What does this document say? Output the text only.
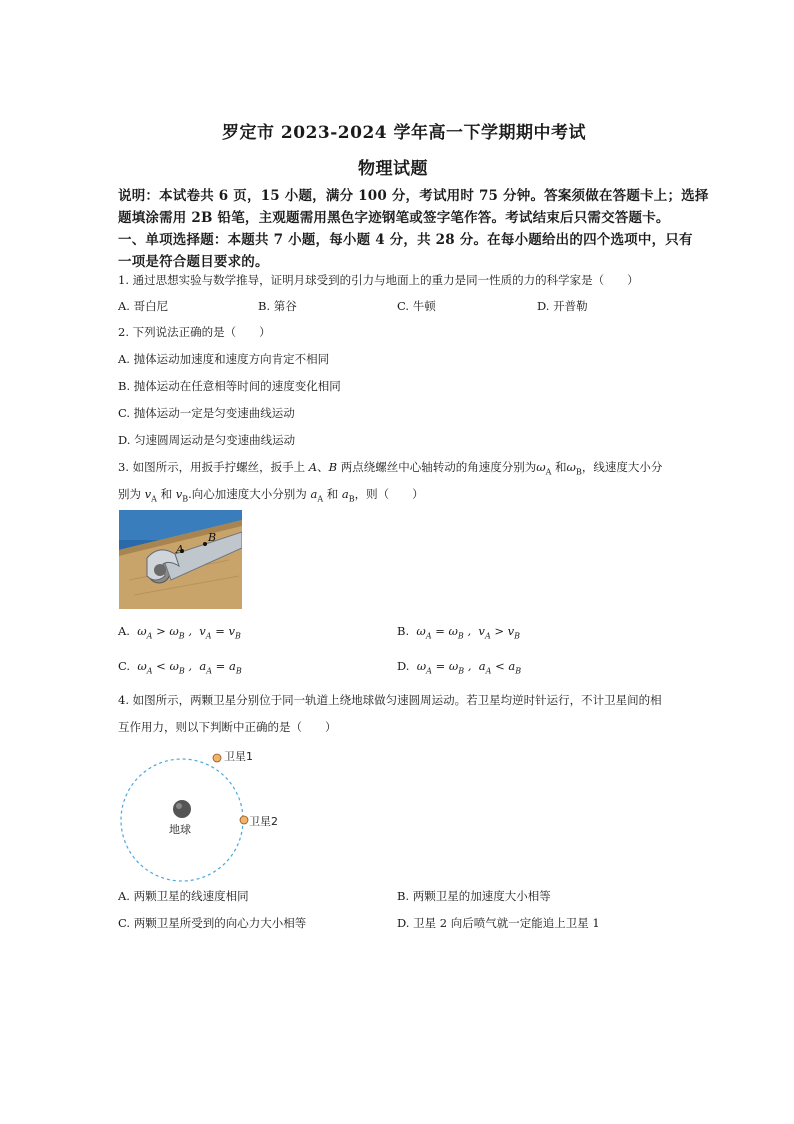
罗定市 2023-2024 学年高一下学期期中考试
物理试题
说明：本试卷共 6 页，15 小题，满分 100 分，考试用时 75 分钟。答案须做在答题卡上；选择
题填涂需用 2B 铅笔，主观题需用黑色字迹钢笔或签字笔作答。考试结束后只需交答题卡。
一、单项选择题：本题共 7 小题，每小题 4 分，共 28 分。在每小题给出的四个选项中，只有
一项是符合题目要求的。
1. 通过思想实验与数学推导，证明月球受到的引力与地面上的重力是同一性质的力的科学家是（　　）
A. 哥白尼	B. 第谷	C. 牛顿	D. 开普勒
2. 下列说法正确的是（　　）
A. 抛体运动加速度和速度方向肯定不相同
B. 抛体运动在任意相等时间的速度变化相同
C. 抛体运动一定是匀变速曲线运动
D. 匀速圆周运动是匀变速曲线运动
3. 如图所示，用扳手拧螺丝，扳手上 A、B 两点绕螺丝中心轴转动的角速度分别为$\omega_A$ 和$\omega_B$，线速度大小分
别为 $v_A$ 和 $v_B$.向心加速度大小分别为 $a_A$ 和 $a_B$，则（　　）
A
B
A. $\omega_A > \omega_B$ ,  $v_A = v_B$	B. $\omega_A = \omega_B$ ,  $v_A > v_B$
C. $\omega_A < \omega_B$ ,  $a_A = a_B$	D. $\omega_A = \omega_B$ ,  $a_A < a_B$
4. 如图所示，两颗卫星分别位于同一轨道上绕地球做匀速圆周运动。若卫星均逆时针运行，不计卫星间的相
互作用力，则以下判断中正确的是（　　）
卫星1
卫星2
地球
A. 两颗卫星的线速度相同	B. 两颗卫星的加速度大小相等
C. 两颗卫星所受到的向心力大小相等	D. 卫星 2 向后喷气就一定能追上卫星 1
